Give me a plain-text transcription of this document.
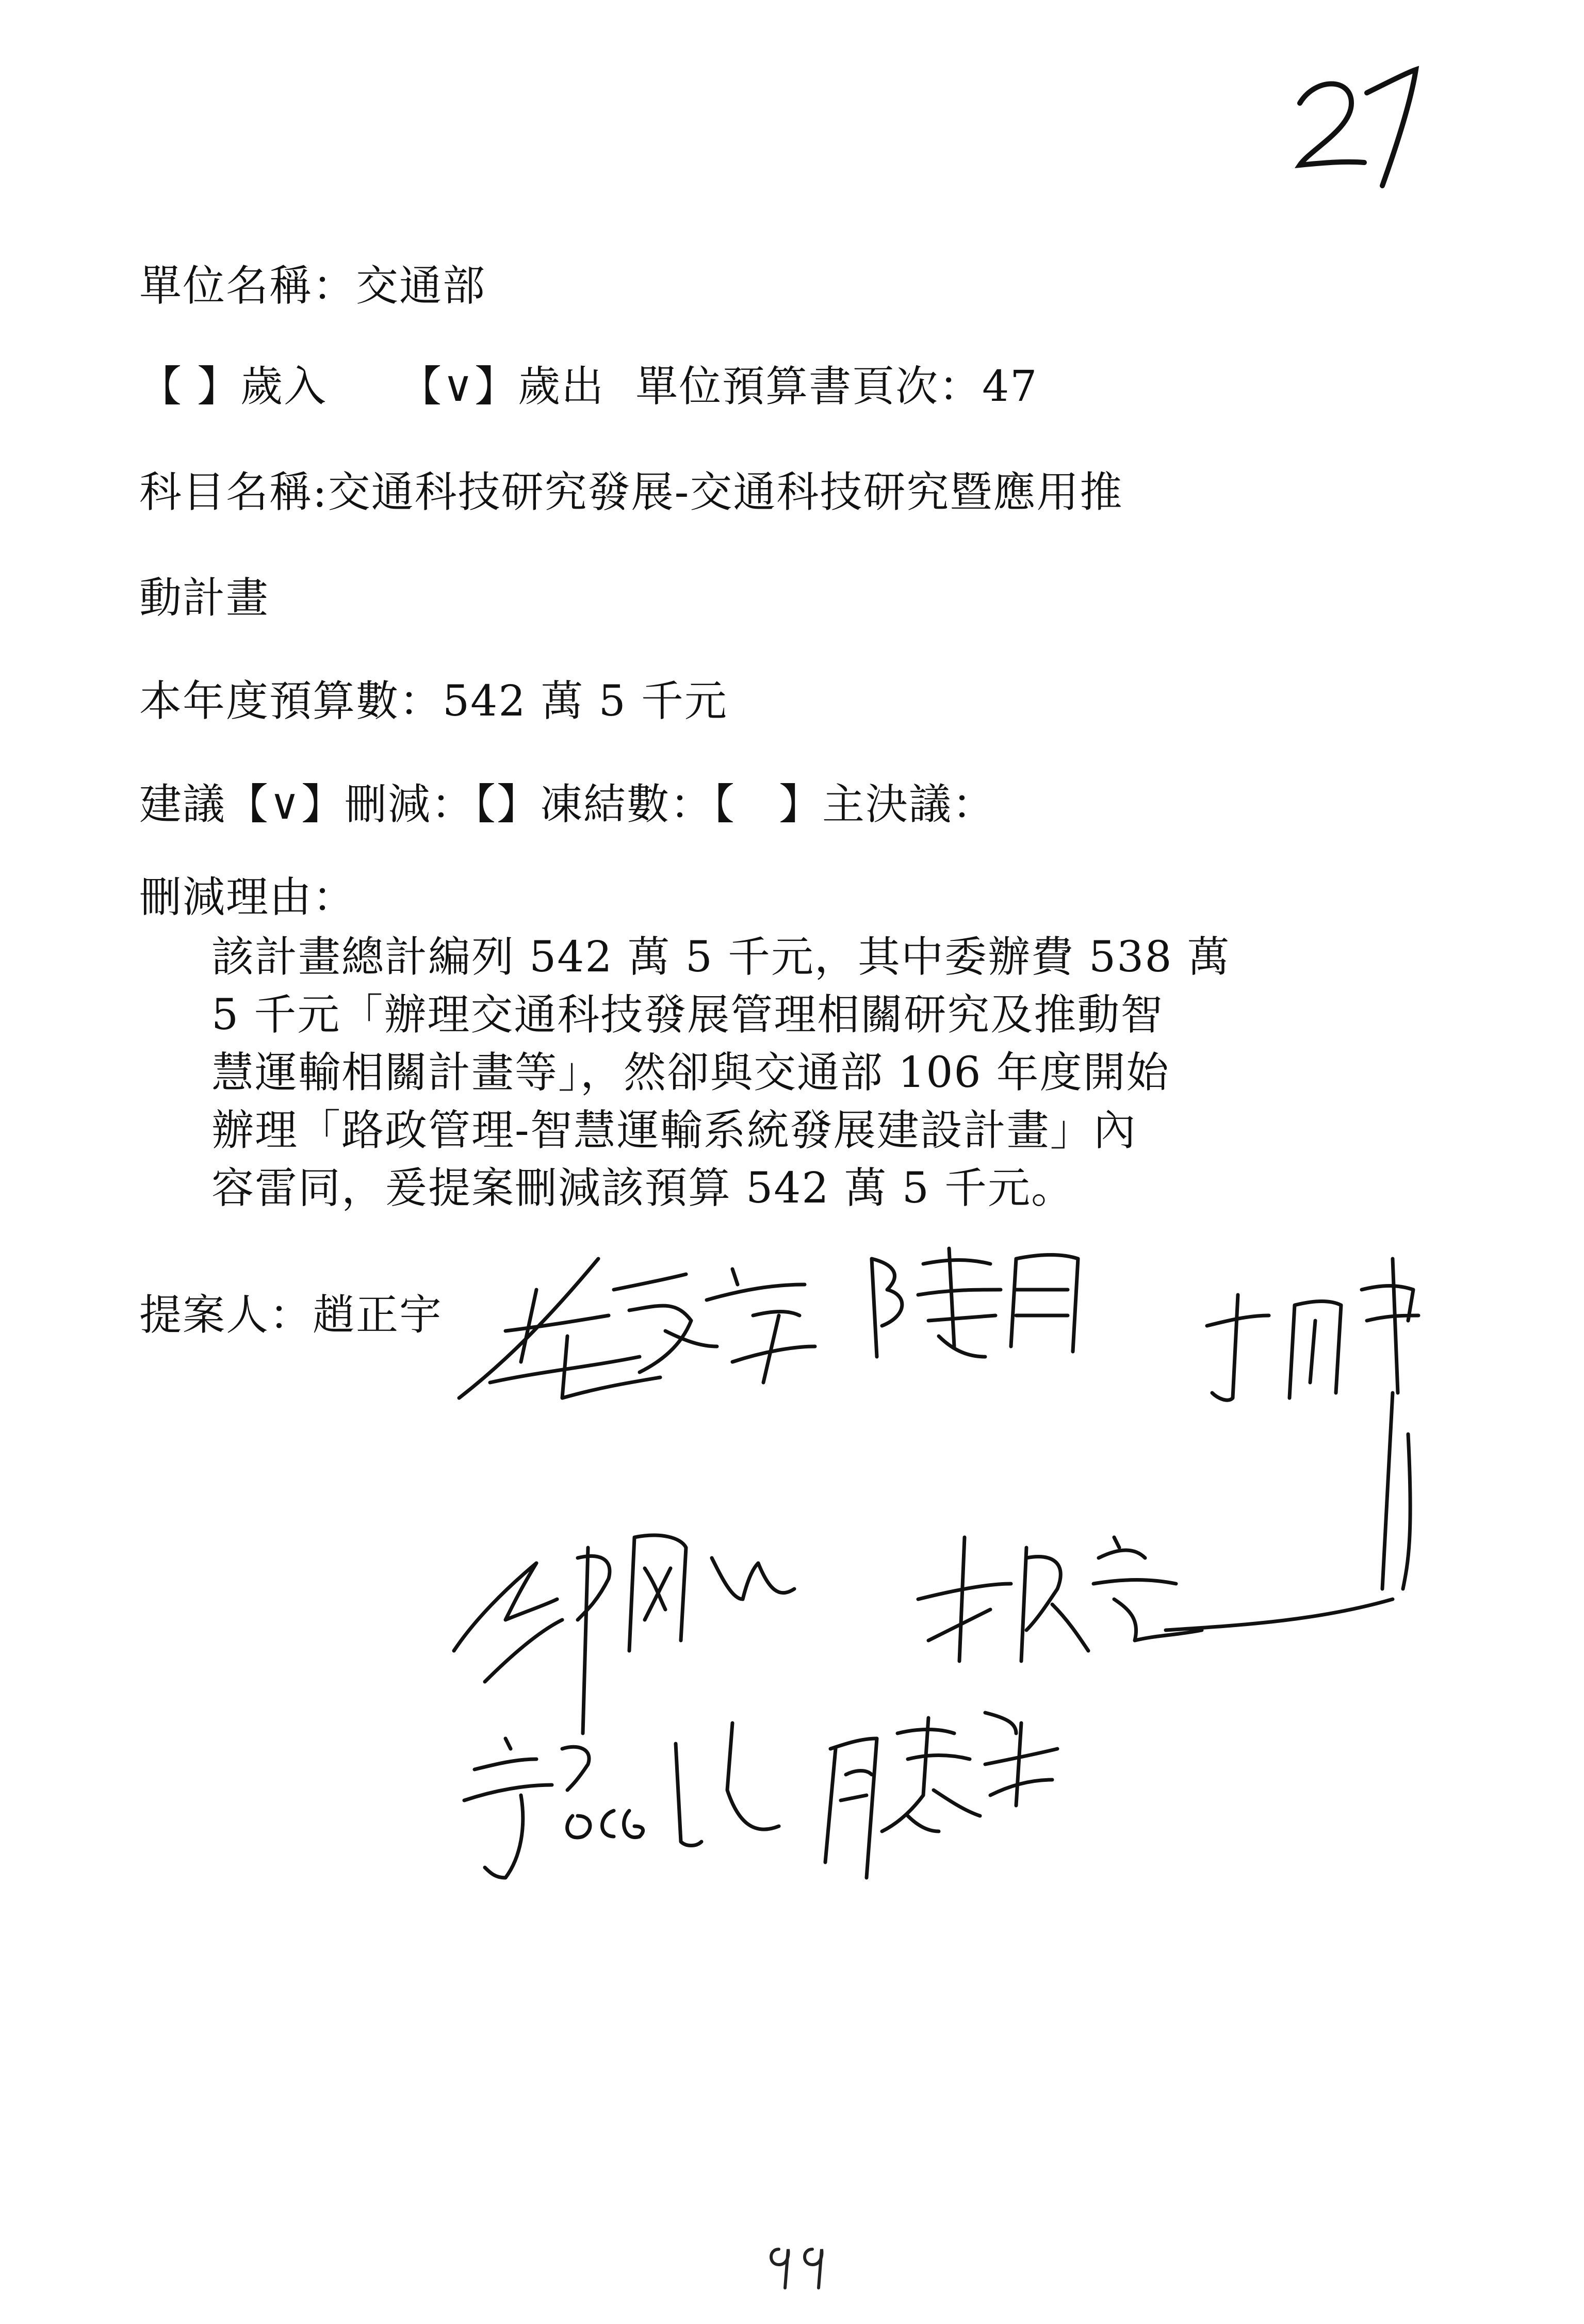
單位名稱：交通部
【 】歲入 【∨】歲出 單位預算書頁次：47
科目名稱:交通科技研究發展-交通科技研究暨應用推
動計畫
本年度預算數：542 萬 5 千元
建議【∨】刪減：【】凍結數：【　】主決議：
刪減理由：

該計畫總計編列 542 萬 5 千元，其中委辦費 538 萬

5 千元「辦理交通科技發展管理相關研究及推動智

慧運輸相關計畫等」，然卻與交通部 106 年度開始

辦理「路政管理-智慧運輸系統發展建設計畫」內

容雷同，爰提案刪減該預算 542 萬 5 千元。

提案人：趙正宇
